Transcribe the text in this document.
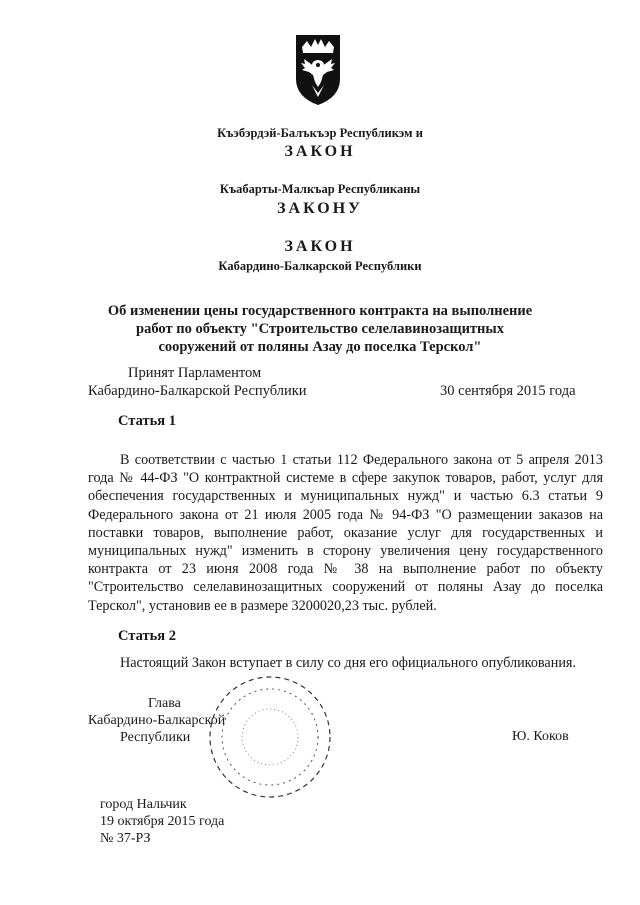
Къэбэрдэй-Балъкъэр Республикэм и
ЗАКОН
Къабарты-Малкъар Республиканы
ЗАКОНУ
ЗАКОН
Кабардино-Балкарской Республики
Об изменении цены государственного контракта на выполнение
работ по объекту "Строительство селелавинозащитных
сооружений от поляны Азау до поселка Терскол"
Принят Парламентом
Кабардино-Балкарской Республики	30 сентября 2015 года
Статья 1
В соответствии с частью 1 статьи 112 Федерального закона от 5 апреля 2013 года № 44-ФЗ "О контрактной системе в сфере закупок товаров, работ, услуг для обеспечения государственных и муниципальных нужд" и частью 6.3 статьи 9 Федерального закона от 21 июля 2005 года № 94-ФЗ "О размещении заказов на поставки товаров, выполнение работ, оказание услуг для государственных и муниципальных нужд" изменить в сторону увеличения цену государственного контракта от 23 июня 2008 года № 38 на выполнение работ по объекту "Строительство селелавинозащитных сооружений от поляны Азау до поселка Терскол", установив ее в размере 3200020,23 тыс. рублей.
Статья 2
Настоящий Закон вступает в силу со дня его официального опубликования.
Глава
Кабардино-Балкарской
Республики	Ю. Коков
город Нальчик
19 октября 2015 года
№ 37-РЗ
